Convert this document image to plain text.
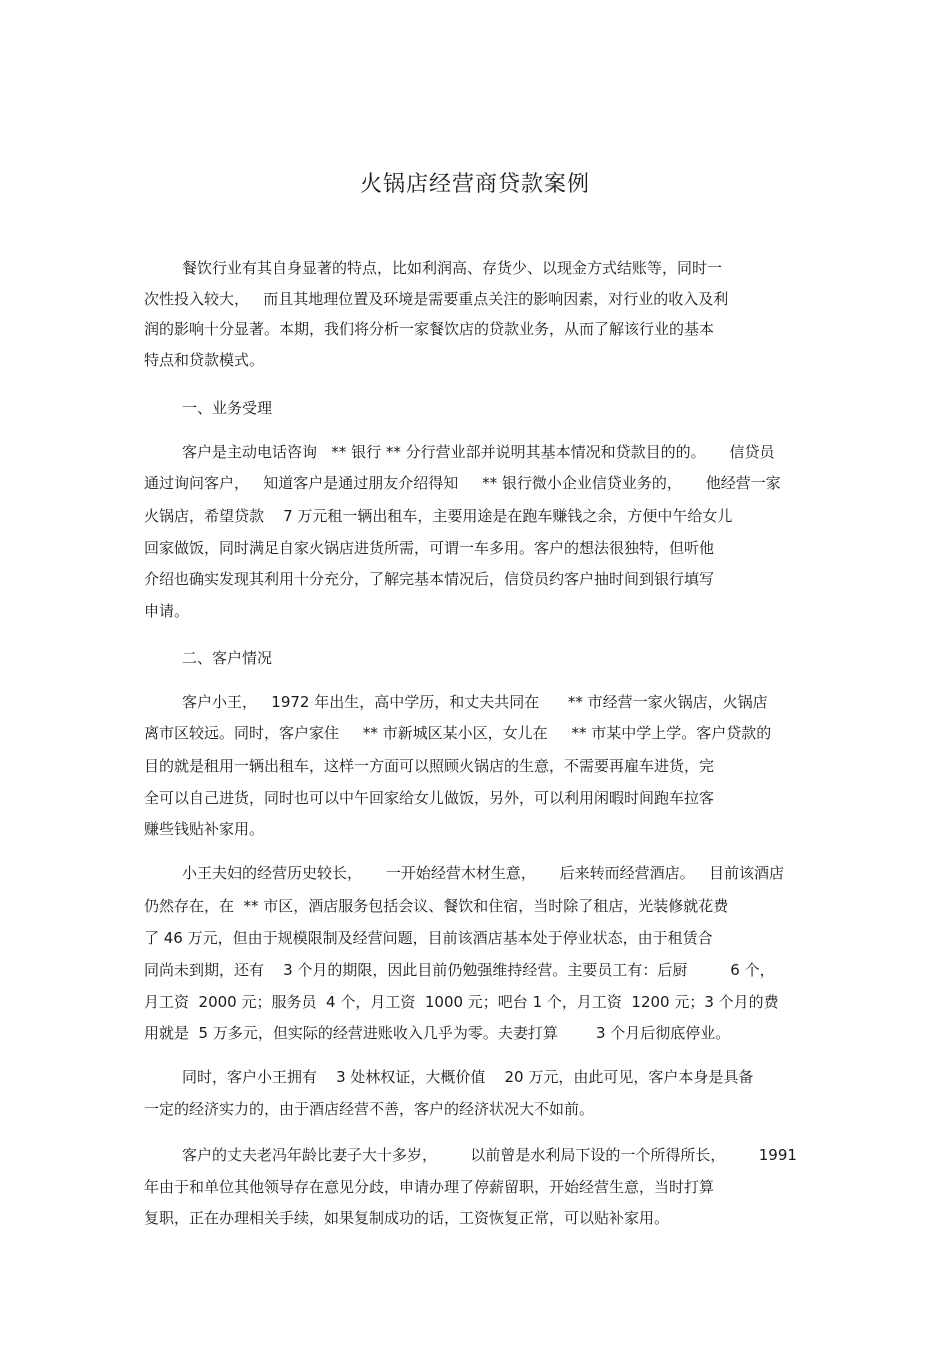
火锅店经营商贷款案例
餐饮行业有其自身显著的特点，比如利润高、存货少、以现金方式结账等，同时一
次性投入较大，   而且其地理位置及环境是需要重点关注的影响因素，对行业的收入及利
润的影响十分显著。本期，我们将分析一家餐饮店的贷款业务，从而了解该行业的基本
特点和贷款模式。
一、业务受理
客户是主动电话咨询   ** 银行 ** 分行营业部并说明其基本情况和贷款目的的。     信贷员
通过询问客户，   知道客户是通过朋友介绍得知     ** 银行微小企业信贷业务的，     他经营一家
火锅店，希望贷款    7 万元租一辆出租车，主要用途是在跑车赚钱之余，方便中午给女儿
回家做饭，同时满足自家火锅店进货所需，可谓一车多用。客户的想法很独特，但听他
介绍也确实发现其利用十分充分，了解完基本情况后，信贷员约客户抽时间到银行填写
申请。
二、客户情况
客户小王，   1972 年出生，高中学历，和丈夫共同在      ** 市经营一家火锅店，火锅店
离市区较远。同时，客户家住     ** 市新城区某小区，女儿在     ** 市某中学上学。客户贷款的
目的就是租用一辆出租车，这样一方面可以照顾火锅店的生意，不需要再雇车进货，完
全可以自己进货，同时也可以中午回家给女儿做饭，另外，可以利用闲暇时间跑车拉客
赚些钱贴补家用。
小王夫妇的经营历史较长，     一开始经营木材生意，     后来转而经营酒店。   目前该酒店
仍然存在，在  ** 市区，酒店服务包括会议、餐饮和住宿，当时除了租店，光装修就花费
了 46 万元，但由于规模限制及经营问题，目前该酒店基本处于停业状态，由于租赁合
同尚未到期，还有    3 个月的期限，因此目前仍勉强维持经营。主要员工有：后厨         6 个，
月工资  2000 元；服务员  4 个，月工资  1000 元；吧台 1 个，月工资  1200 元；3 个月的费
用就是  5 万多元，但实际的经营进账收入几乎为零。夫妻打算        3 个月后彻底停业。
同时，客户小王拥有    3 处林权证，大概价值    20 万元，由此可见，客户本身是具备
一定的经济实力的，由于酒店经营不善，客户的经济状况大不如前。
客户的丈夫老冯年龄比妻子大十多岁，       以前曾是水利局下设的一个所得所长，       1991
年由于和单位其他领导存在意见分歧，申请办理了停薪留职，开始经营生意，当时打算
复职，正在办理相关手续，如果复制成功的话，工资恢复正常，可以贴补家用。
